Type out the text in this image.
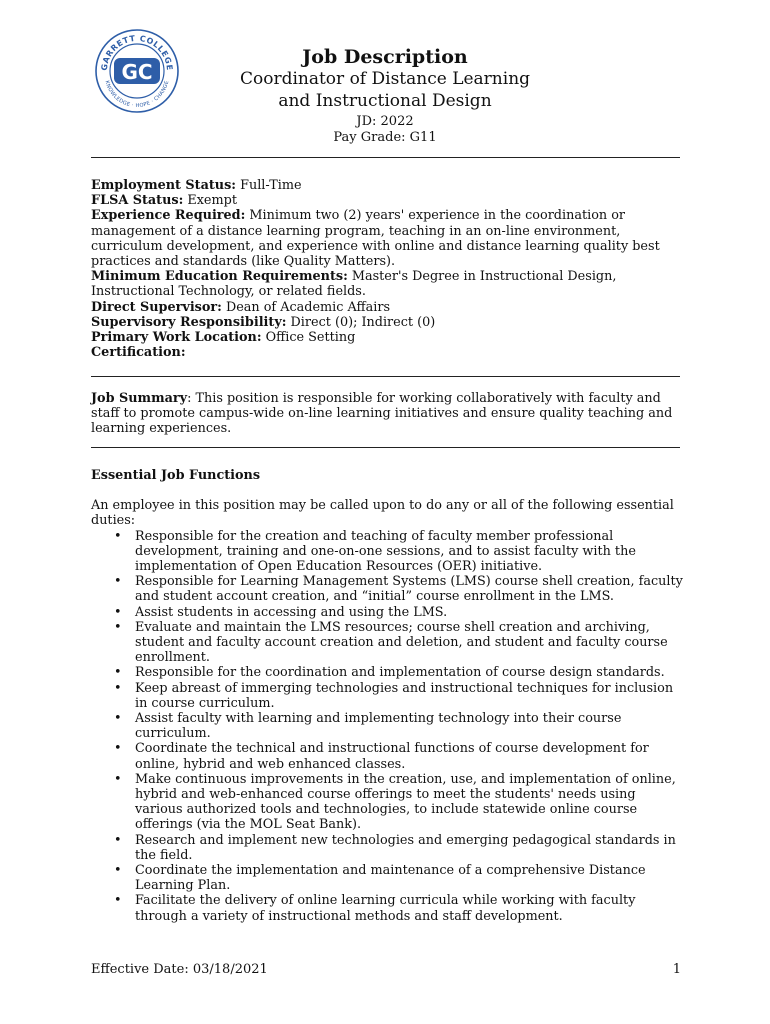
GARRETT COLLEGE
KNOWLEDGE · HOPE · CHANGE
GC
Job Description
Coordinator of Distance Learning
and Instructional Design
JD: 2022
Pay Grade: G11

Employment Status: Full-Time

FLSA Status: Exempt

Experience Required: Minimum two (2) years' experience in the coordination or management of a distance learning program, teaching in an on-line environment, curriculum development, and experience with online and distance learning quality best practices and standards (like Quality Matters).

Minimum Education Requirements: Master's Degree in Instructional Design, Instructional Technology, or related fields.

Direct Supervisor: Dean of Academic Affairs

Supervisory Responsibility: Direct (0); Indirect (0)

Primary Work Location: Office Setting

Certification:

Job Summary: This position is responsible for working collaboratively with faculty and staff to promote campus-wide on-line learning initiatives and ensure quality teaching and learning experiences.

Essential Job Functions

An employee in this position may be called upon to do any or all of the following essential duties:

• Responsible for the creation and teaching of faculty member professional development, training and one-on-one sessions, and to assist faculty with the implementation of Open Education Resources (OER) initiative.
• Responsible for Learning Management Systems (LMS) course shell creation, faculty and student account creation, and “initial” course enrollment in the LMS.
• Assist students in accessing and using the LMS.
• Evaluate and maintain the LMS resources; course shell creation and archiving, student and faculty account creation and deletion, and student and faculty course enrollment.
• Responsible for the coordination and implementation of course design standards.
• Keep abreast of immerging technologies and instructional techniques for inclusion in course curriculum.
• Assist faculty with learning and implementing technology into their course curriculum.
• Coordinate the technical and instructional functions of course development for online, hybrid and web enhanced classes.
• Make continuous improvements in the creation, use, and implementation of online, hybrid and web-enhanced course offerings to meet the students' needs using various authorized tools and technologies, to include statewide online course offerings (via the MOL Seat Bank).
• Research and implement new technologies and emerging pedagogical standards in the field.
• Coordinate the implementation and maintenance of a comprehensive Distance Learning Plan.
• Facilitate the delivery of online learning curricula while working with faculty through a variety of instructional methods and staff development.
Effective Date: 03/18/2021	1
